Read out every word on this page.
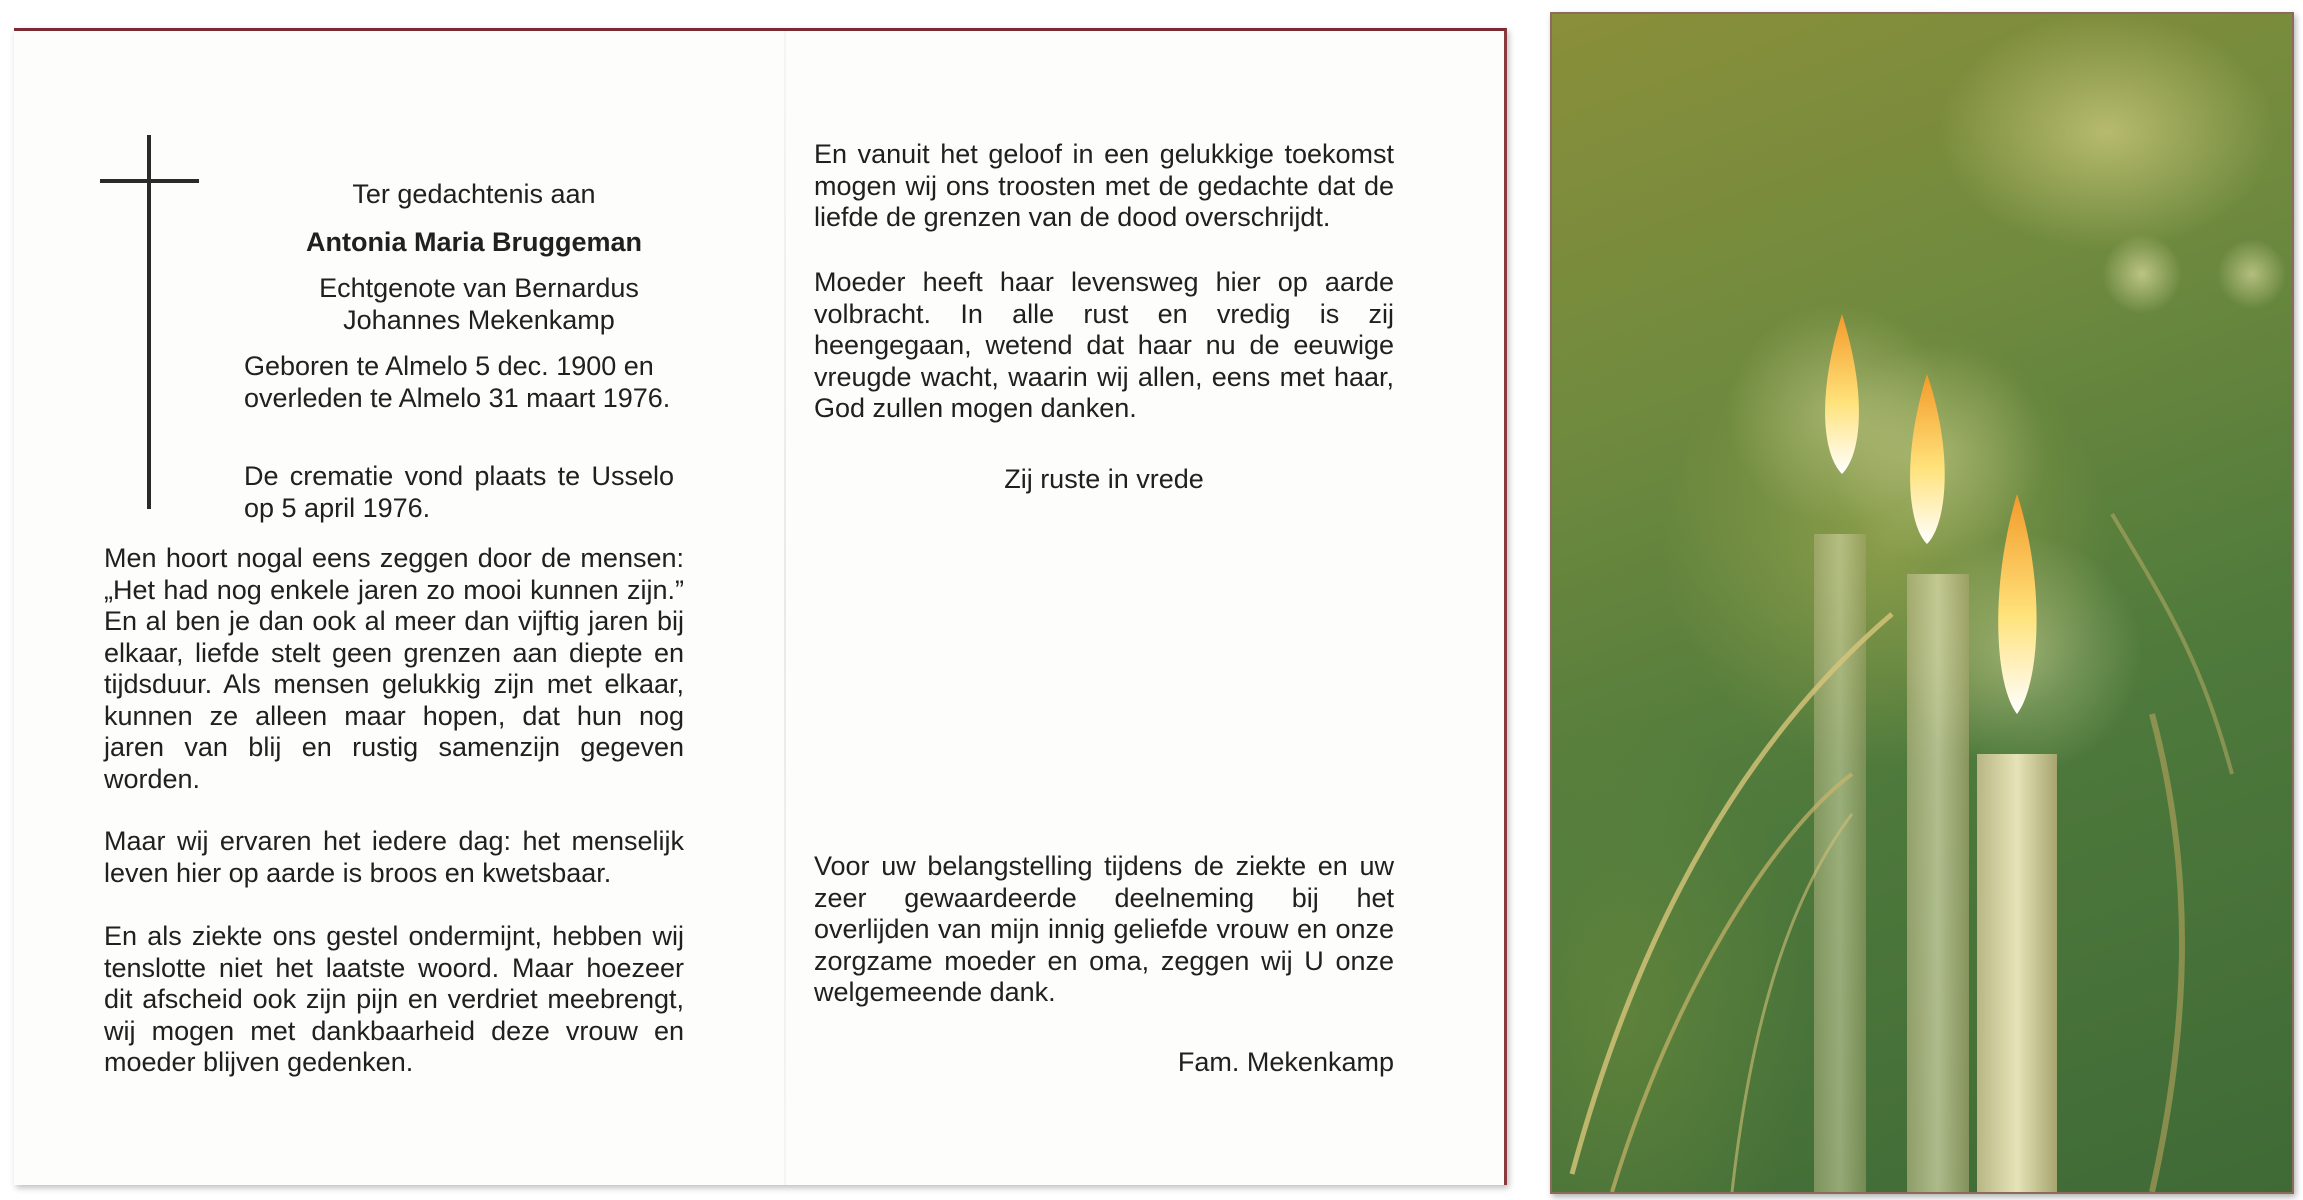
Ter gedachtenis aan

Antonia Maria Bruggeman

Echtgenote van Bernardus Johannes Mekenkamp

Geboren te Almelo 5 dec. 1900 en overleden te Almelo 31 maart 1976.

De crematie vond plaats te Usselo op 5 april 1976.

Men hoort nogal eens zeggen door de mensen: „Het had nog enkele jaren zo mooi kunnen zijn.” En al ben je dan ook al meer dan vijftig jaren bij elkaar, liefde stelt geen grenzen aan diepte en tijdsduur. Als mensen gelukkig zijn met elkaar, kunnen ze alleen maar hopen, dat hun nog jaren van blij en rustig samenzijn gegeven worden.

Maar wij ervaren het iedere dag: het menselijk leven hier op aarde is broos en kwetsbaar.

En als ziekte ons gestel ondermijnt, hebben wij tenslotte niet het laatste woord. Maar hoezeer dit afscheid ook zijn pijn en verdriet meebrengt, wij mogen met dankbaarheid deze vrouw en moeder blijven gedenken.

En vanuit het geloof in een gelukkige toekomst mogen wij ons troosten met de gedachte dat de liefde de grenzen van de dood overschrijdt.

Moeder heeft haar levensweg hier op aarde volbracht. In alle rust en vredig is zij heengegaan, wetend dat haar nu de eeuwige vreugde wacht, waarin wij allen, eens met haar, God zullen mogen danken.

Zij ruste in vrede

Voor uw belangstelling tijdens de ziekte en uw zeer gewaardeerde deelneming bij het overlijden van mijn innig geliefde vrouw en onze zorgzame moeder en oma, zeggen wij U onze welgemeende dank.

Fam. Mekenkamp
